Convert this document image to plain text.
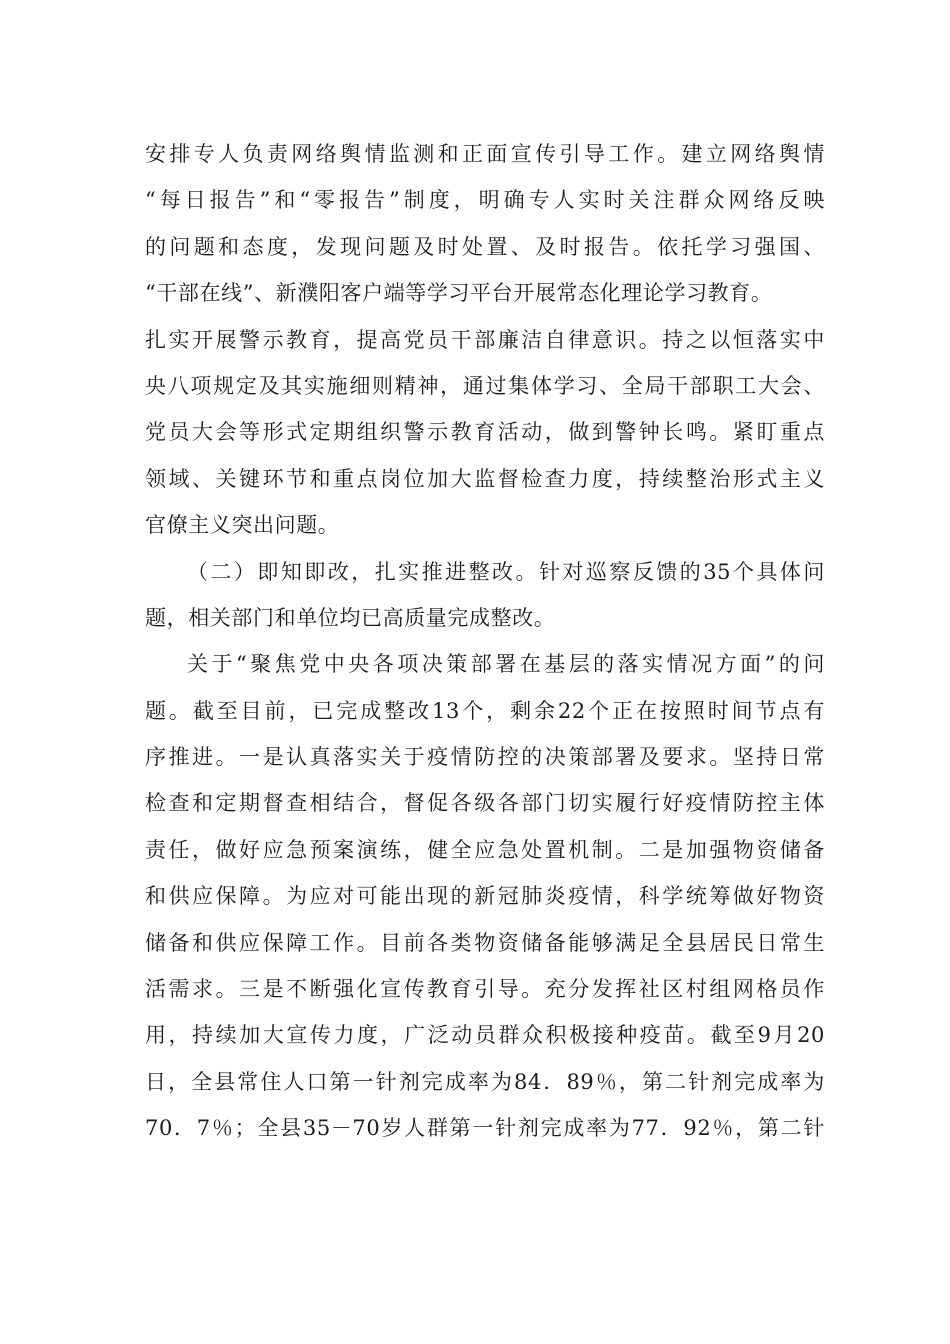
安排专人负责网络舆情监测和正面宣传引导工作。建立网络舆情
“每日报告”和“零报告”制度，明确专人实时关注群众网络反映
的问题和态度，发现问题及时处置、及时报告。依托学习强国、
“干部在线”、新濮阳客户端等学习平台开展常态化理论学习教育。
扎实开展警示教育，提高党员干部廉洁自律意识。持之以恒落实中
央八项规定及其实施细则精神，通过集体学习、全局干部职工大会、
党员大会等形式定期组织警示教育活动，做到警钟长鸣。紧盯重点
领域、关键环节和重点岗位加大监督检查力度，持续整治形式主义
官僚主义突出问题。
（二）即知即改，扎实推进整改。针对巡察反馈的35个具体问
题，相关部门和单位均已高质量完成整改。
关于“聚焦党中央各项决策部署在基层的落实情况方面”的问
题。截至目前，已完成整改13个，剩余22个正在按照时间节点有
序推进。一是认真落实关于疫情防控的决策部署及要求。坚持日常
检查和定期督查相结合，督促各级各部门切实履行好疫情防控主体
责任，做好应急预案演练，健全应急处置机制。二是加强物资储备
和供应保障。为应对可能出现的新冠肺炎疫情，科学统筹做好物资
储备和供应保障工作。目前各类物资储备能够满足全县居民日常生
活需求。三是不断强化宣传教育引导。充分发挥社区村组网格员作
用，持续加大宣传力度，广泛动员群众积极接种疫苗。截至9月20
日，全县常住人口第一针剂完成率为84．89％，第二针剂完成率为
70．7％；全县35－70岁人群第一针剂完成率为77．92％，第二针
